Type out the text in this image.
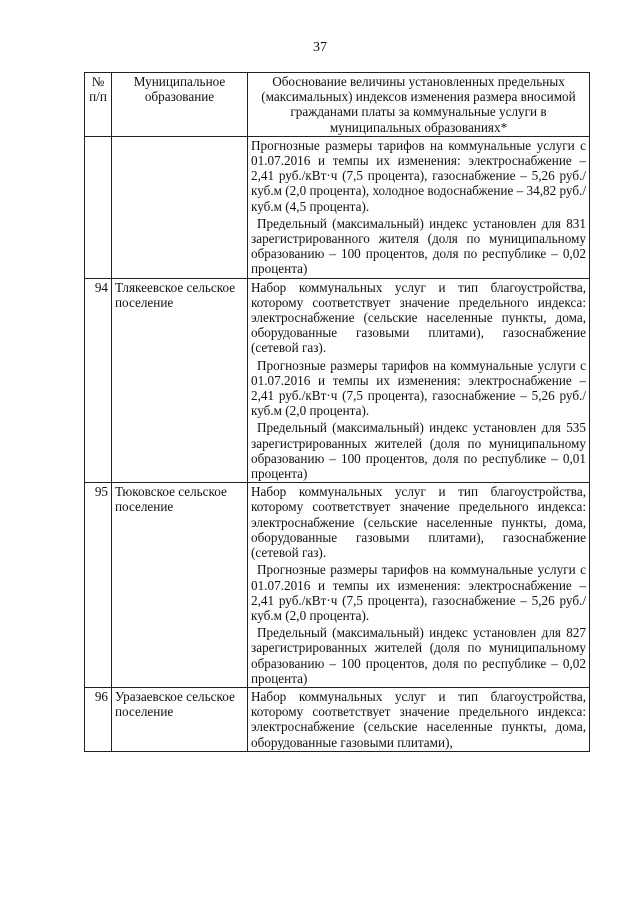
37
№ п/п	Муниципальное образование	Обоснование величины установленных предельных (максимальных) индексов изменения размера вносимой гражданами платы за коммунальные услуги в муниципальных образованиях*

		Прогнозные размеры тарифов на коммунальные услуги с 01.07.2016 и темпы их изменения: электроснабжение – 2,41 руб./кВт·ч (7,5 процента), газоснабжение – 5,26 руб./куб.м (2,0 процента), холодное водоснабжение – 34,82 руб./куб.м (4,5 процента).
Предельный (максимальный) индекс установлен для 831 зарегистрированного жителя (доля по муниципальному образованию – 100 процентов, доля по республике – 0,02 процента)

94	Тлякеевское сельское поселение	Набор коммунальных услуг и тип благоустройства, которому соответствует значение предельного индекса: электроснабжение (сельские населенные пункты, дома, оборудованные газовыми плитами), газоснабжение (сетевой газ).
Прогнозные размеры тарифов на коммунальные услуги с 01.07.2016 и темпы их изменения: электроснабжение – 2,41 руб./кВт·ч (7,5 процента), газоснабжение – 5,26 руб./куб.м (2,0 процента).
Предельный (максимальный) индекс установлен для 535 зарегистрированных жителей (доля по муниципальному образованию – 100 процентов, доля по республике – 0,01 процента)

95	Тюковское сельское поселение	Набор коммунальных услуг и тип благоустройства, которому соответствует значение предельного индекса: электроснабжение (сельские населенные пункты, дома, оборудованные газовыми плитами), газоснабжение (сетевой газ).
Прогнозные размеры тарифов на коммунальные услуги с 01.07.2016 и темпы их изменения: электроснабжение – 2,41 руб./кВт·ч (7,5 процента), газоснабжение – 5,26 руб./куб.м (2,0 процента).
Предельный (максимальный) индекс установлен для 827 зарегистрированных жителей (доля по муниципальному образованию – 100 процентов, доля по республике – 0,02 процента)

96	Уразаевское сельское поселение	Набор коммунальных услуг и тип благоустройства, которому соответствует значение предельного индекса: электроснабжение (сельские населенные пункты, дома, оборудованные газовыми плитами),
